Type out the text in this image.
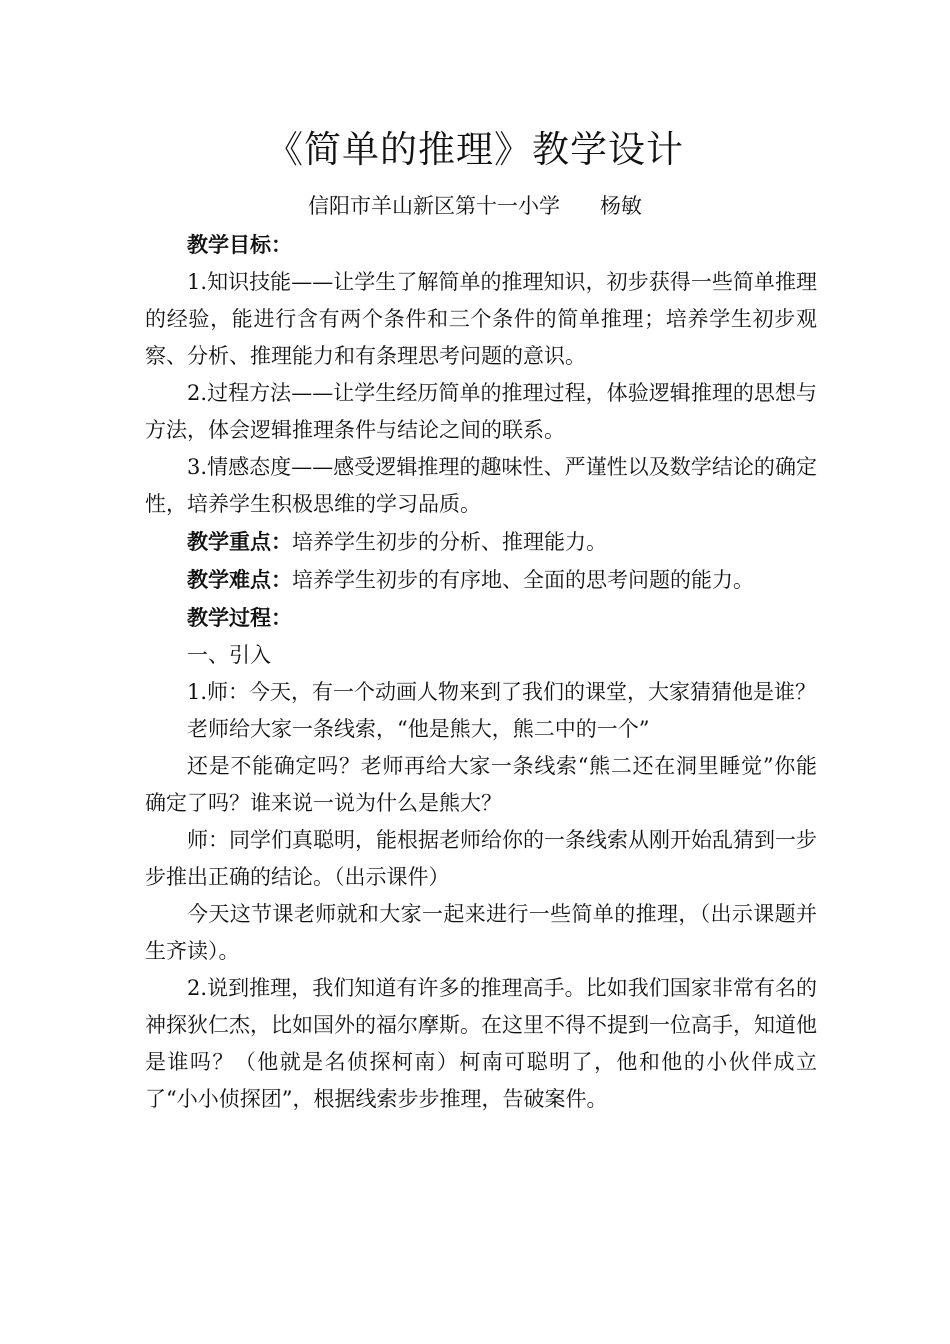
《简单的推理》教学设计
信阳市羊山新区第十一小学      杨敏

教学目标：

1.知识技能——让学生了解简单的推理知识，初步获得一些简单推理的经验，能进行含有两个条件和三个条件的简单推理；培养学生初步观察、分析、推理能力和有条理思考问题的意识。

2.过程方法——让学生经历简单的推理过程，体验逻辑推理的思想与方法，体会逻辑推理条件与结论之间的联系。

3.情感态度——感受逻辑推理的趣味性、严谨性以及数学结论的确定性，培养学生积极思维的学习品质。

教学重点：培养学生初步的分析、推理能力。

教学难点：培养学生初步的有序地、全面的思考问题的能力。

教学过程：

一、引入

1.师：今天，有一个动画人物来到了我们的课堂，大家猜猜他是谁？

老师给大家一条线索，“他是熊大，熊二中的一个”

还是不能确定吗？老师再给大家一条线索“熊二还在洞里睡觉”你能确定了吗？谁来说一说为什么是熊大？

师：同学们真聪明，能根据老师给你的一条线索从刚开始乱猜到一步步推出正确的结论。（出示课件）

今天这节课老师就和大家一起来进行一些简单的推理，（出示课题并生齐读）。

2.说到推理，我们知道有许多的推理高手。比如我们国家非常有名的神探狄仁杰，比如国外的福尔摩斯。在这里不得不提到一位高手，知道他是谁吗？（他就是名侦探柯南）柯南可聪明了，他和他的小伙伴成立了“小小侦探团”，根据线索步步推理，告破案件。
